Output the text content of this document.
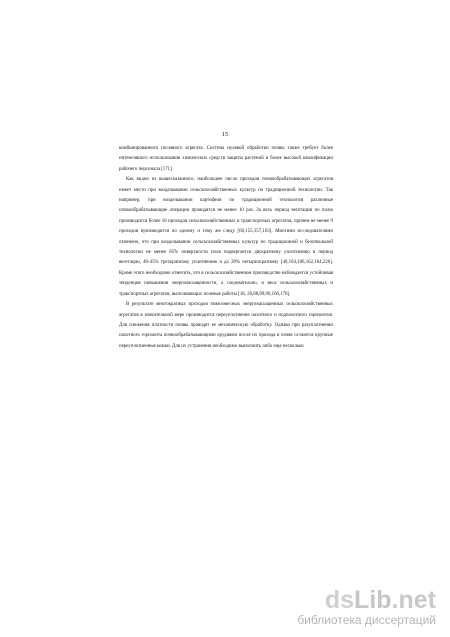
15

комбинированного посевного агрегата. Система нулевой обработки почвы также требует более интенсивного использования химических средств защиты растений и более высокой квалификации рабочего персонала [171].

Как видно из вышесказанного, наибольшее число проходов почвообрабатывающих агрегатов имеет место при возделывании сельскохозяйственных культур по традиционной технологии. Так например, при возделывании картофеля по традиционной технологии различные почвообрабатывающие операции проводятся не менее 10 раз. За весь период вегетации по полю производится более 18 проходов сельскохозяйственных и транспортных агрегатов, причем не менее 9 проходов производится по одному и тому же следу [66,155,157,163]. Многими исследователями отмечено, что при возделывании сельскохозяйственных культур по традиционной и безотвальной технологии не менее 85% поверхности поля подвергается двукратному уплотнению в период вегетации, 40-45% трехкратному уплотнению и до 20% четырехкратному [40,104,106,162,164,226]. Кроме этого необходимо отметить, что в сельскохозяйственном производстве наблюдается устойчивая тенденция повышения энергонасыщенности, а следовательно, и веса сельскохозяйственных и транспортных агрегатов, выполняющих полевые работы [18, 20,88,89,90,166,178].

В результате многократных проходов тяжеловесных энергонасыщенных сельскохозяйственных агрегатов в значительной мере производится переуплотнение пахотного и подпахотного горизонтов. Для снижения плотности почвы проводят ее механическую обработку. Однако при разуплотнении пахотного горизонта почвообрабатывающими орудиями после их прохода в почве остаются крупные переуплотненные комки. Для их устранения необходимо выполнить либо еще несколько

dsLib.net
библиотека диссертаций
